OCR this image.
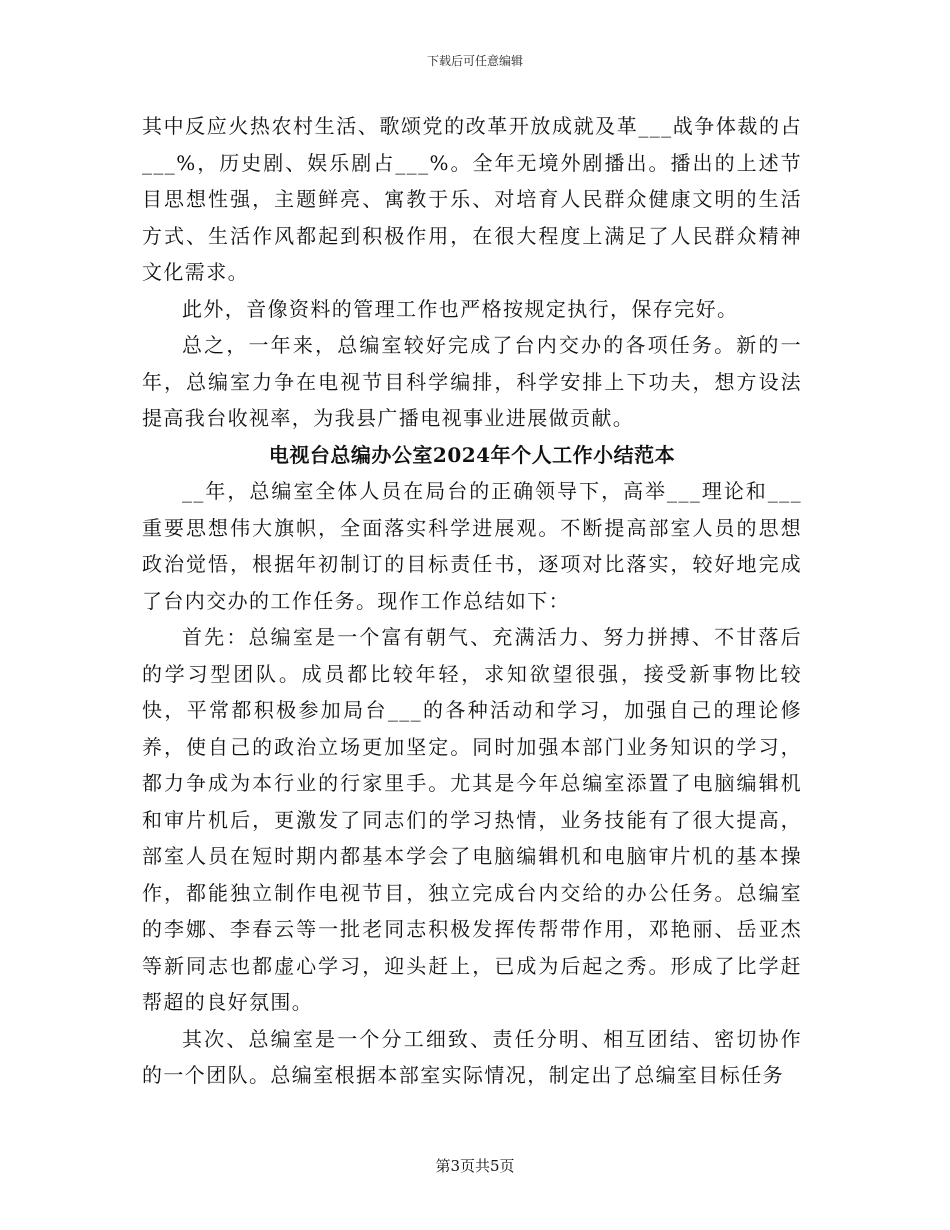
下载后可任意编辑

其中反应火热农村生活、歌颂党的改革开放成就及革___战争体裁的占___%，历史剧、娱乐剧占___%。全年无境外剧播出。播出的上述节目思想性强，主题鲜亮、寓教于乐、对培育人民群众健康文明的生活方式、生活作风都起到积极作用，在很大程度上满足了人民群众精神文化需求。

此外，音像资料的管理工作也严格按规定执行，保存完好。

总之，一年来，总编室较好完成了台内交办的各项任务。新的一年，总编室力争在电视节目科学编排，科学安排上下功夫，想方设法提高我台收视率，为我县广播电视事业进展做贡献。

电视台总编办公室2024年个人工作小结范本

__年，总编室全体人员在局台的正确领导下，高举___理论和___重要思想伟大旗帜，全面落实科学进展观。不断提高部室人员的思想政治觉悟，根据年初制订的目标责任书，逐项对比落实，较好地完成了台内交办的工作任务。现作工作总结如下：

首先：总编室是一个富有朝气、充满活力、努力拼搏、不甘落后的学习型团队。成员都比较年轻，求知欲望很强，接受新事物比较快，平常都积极参加局台___的各种活动和学习，加强自己的理论修养，使自己的政治立场更加坚定。同时加强本部门业务知识的学习，都力争成为本行业的行家里手。尤其是今年总编室添置了电脑编辑机和审片机后，更激发了同志们的学习热情，业务技能有了很大提高，部室人员在短时期内都基本学会了电脑编辑机和电脑审片机的基本操作，都能独立制作电视节目，独立完成台内交给的办公任务。总编室的李娜、李春云等一批老同志积极发挥传帮带作用，邓艳丽、岳亚杰等新同志也都虚心学习，迎头赶上，已成为后起之秀。形成了比学赶帮超的良好氛围。

其次、总编室是一个分工细致、责任分明、相互团结、密切协作的一个团队。总编室根据本部室实际情况，制定出了总编室目标任务

第3页共5页
